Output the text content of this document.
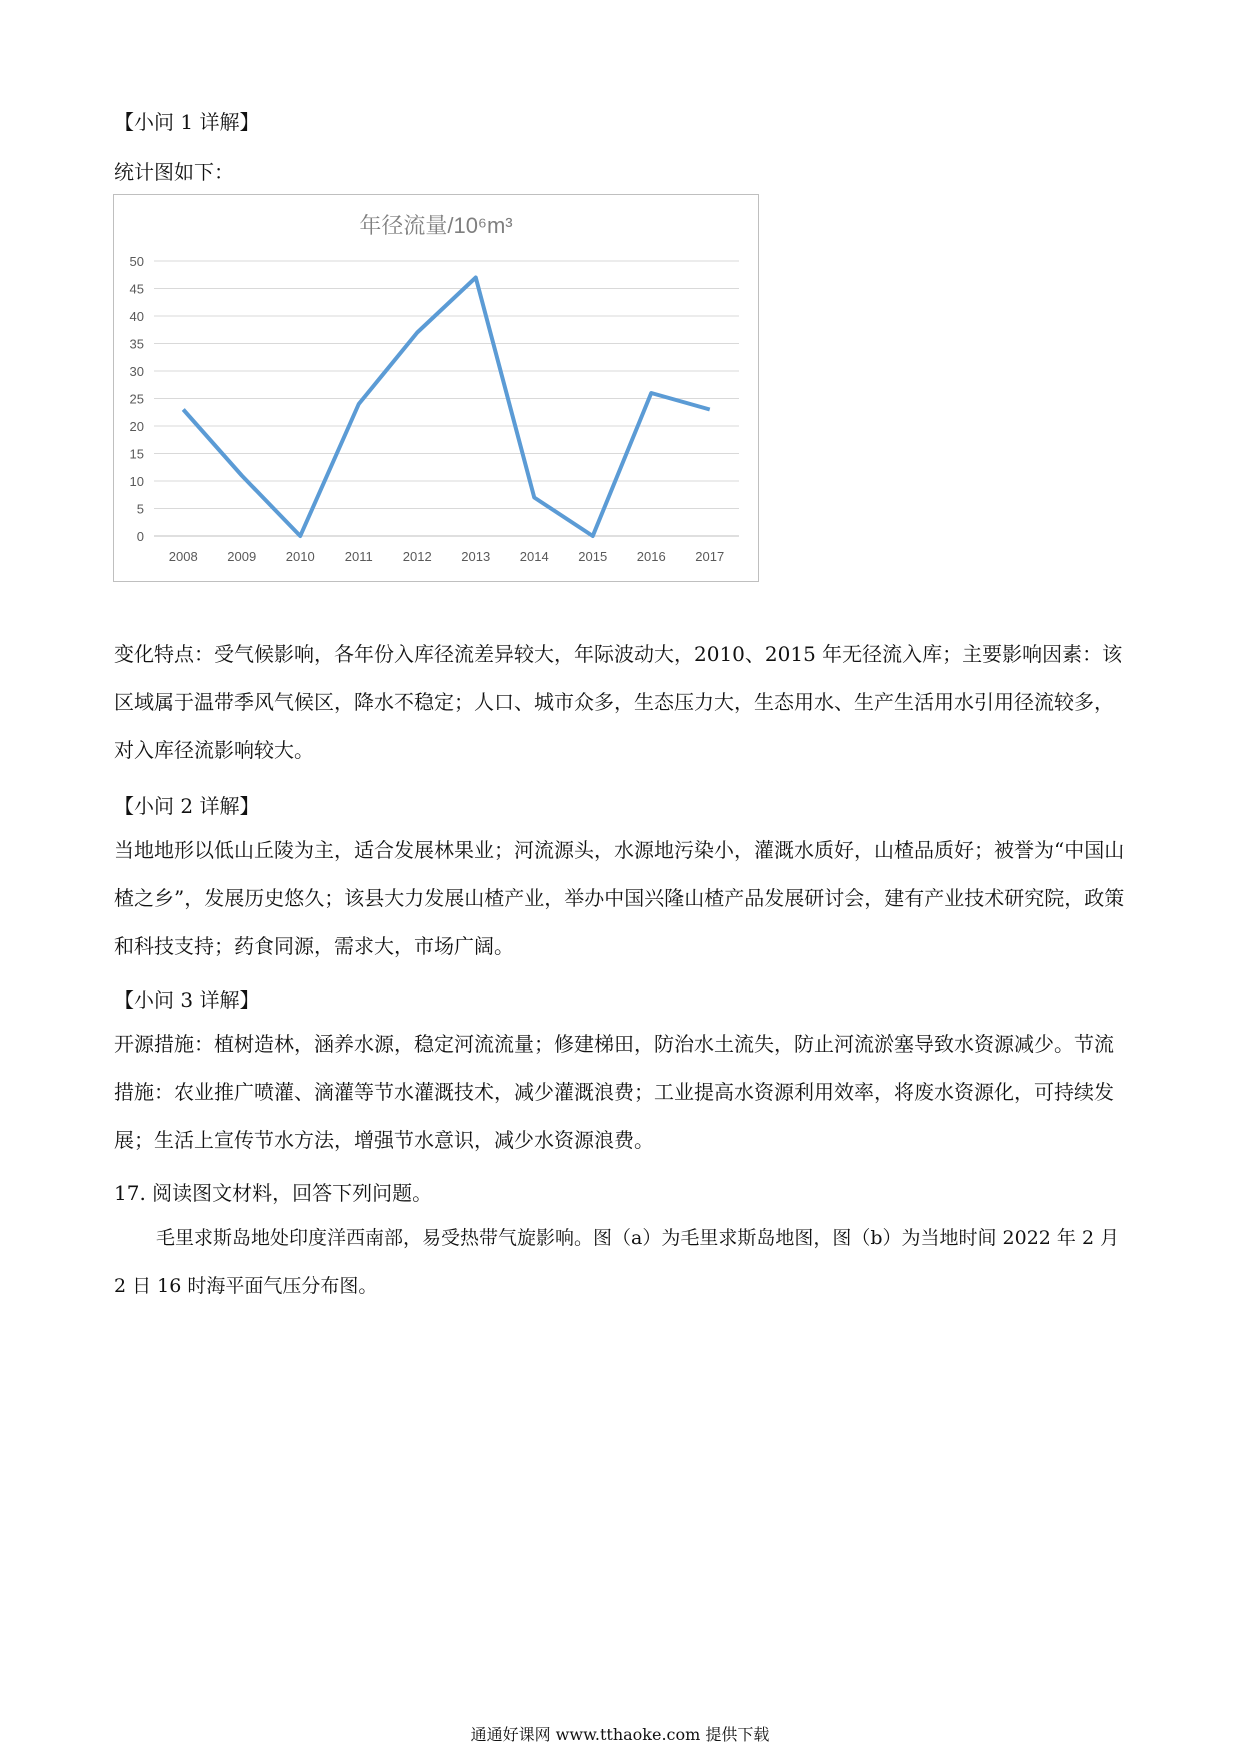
【小问 1 详解】
统计图如下：
年径流量/10⁶m³
0
5
10
15
20
25
30
35
40
45
50
2008 2009 2010 2011 2012 2013 2014 2015 2016 2017
变化特点：受气候影响，各年份入库径流差异较大，年际波动大，2010、2015 年无径流入库；主要影响因素：该区域属于温带季风气候区，降水不稳定；人口、城市众多，生态压力大，生态用水、生产生活用水引用径流较多，对入库径流影响较大。
【小问 2 详解】
当地地形以低山丘陵为主，适合发展林果业；河流源头，水源地污染小，灌溉水质好，山楂品质好；被誉为“中国山楂之乡”，发展历史悠久；该县大力发展山楂产业，举办中国兴隆山楂产品发展研讨会，建有产业技术研究院，政策和科技支持；药食同源，需求大，市场广阔。
【小问 3 详解】
开源措施：植树造林，涵养水源，稳定河流流量；修建梯田，防治水土流失，防止河流淤塞导致水资源减少。节流措施：农业推广喷灌、滴灌等节水灌溉技术，减少灌溉浪费；工业提高水资源利用效率，将废水资源化，可持续发展；生活上宣传节水方法，增强节水意识，减少水资源浪费。
17. 阅读图文材料，回答下列问题。
毛里求斯岛地处印度洋西南部，易受热带气旋影响。图（a）为毛里求斯岛地图，图（b）为当地时间 2022 年 2 月 2 日 16 时海平面气压分布图。
通通好课网 www.tthaoke.com 提供下载
